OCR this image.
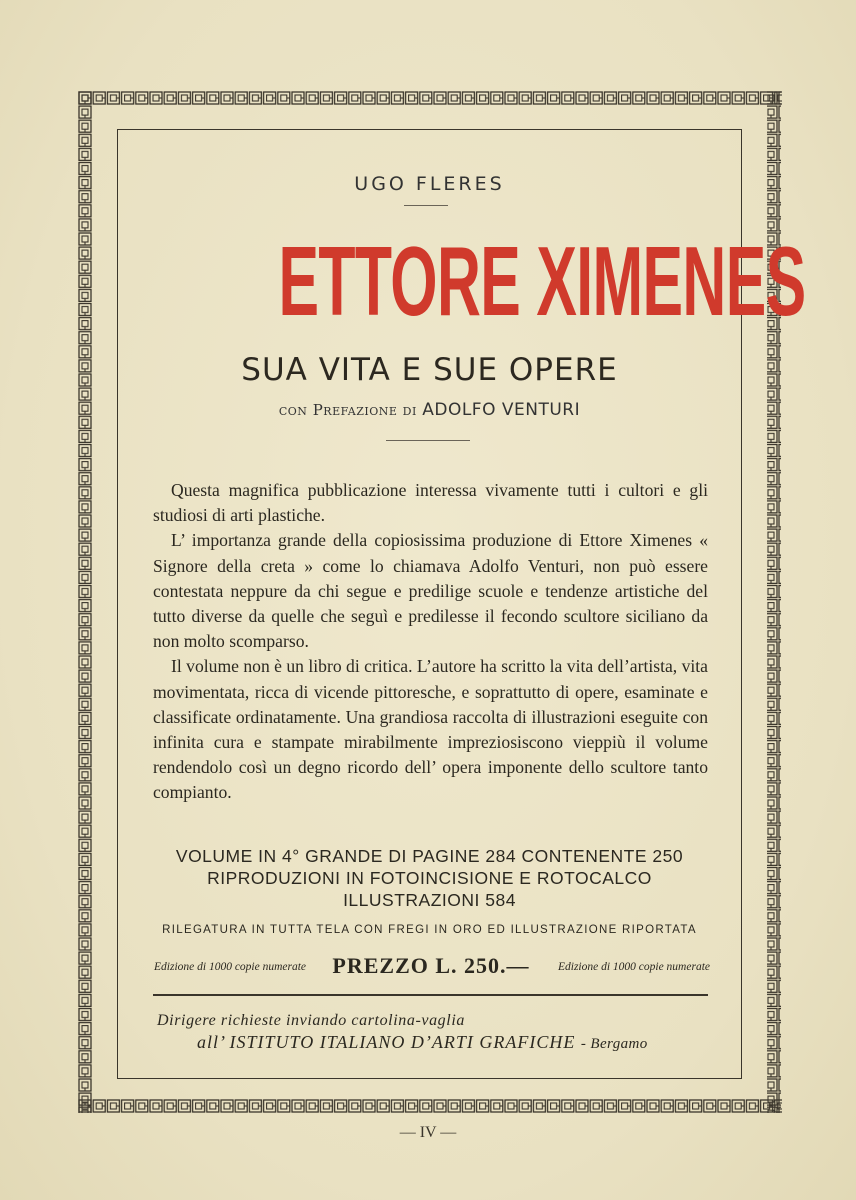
UGO FLERES
ETTORE XIMENES
SUA VITA E SUE OPERE
con Prefazione di ADOLFO VENTURI

Questa magnifica pubblicazione interessa vivamente tutti i cultori e gli studiosi di arti plastiche.

L’ importanza grande della copiosissima produzione di Ettore Ximenes « Signore della creta » come lo chiamava Adolfo Venturi, non può essere contestata neppure da chi segue e predilige scuole e tendenze artistiche del tutto diverse da quelle che seguì e predilesse il fecondo scultore siciliano da non molto scomparso.

Il volume non è un libro di critica. L’autore ha scritto la vita dell’artista, vita movimentata, ricca di vicende pittoresche, e soprattutto di opere, esaminate e classificate ordinatamente. Una grandiosa raccolta di illustrazioni eseguite con infinita cura e stampate mirabilmente impreziosiscono vieppiù il volume rendendolo così un degno ricordo dell’ opera imponente dello scultore tanto compianto.

VOLUME IN 4° GRANDE DI PAGINE 284 CONTENENTE 250
RIPRODUZIONI IN FOTOINCISIONE E ROTOCALCO
ILLUSTRAZIONI 584
RILEGATURA IN TUTTA TELA CON FREGI IN ORO ED ILLUSTRAZIONE RIPORTATA
Edizione di 1000 copie numerate	PREZZO L. 250.—	Edizione di 1000 copie numerate
Dirigere richieste inviando cartolina-vaglia
all’ ISTITUTO ITALIANO D’ARTI GRAFICHE - Bergamo
— IV —
